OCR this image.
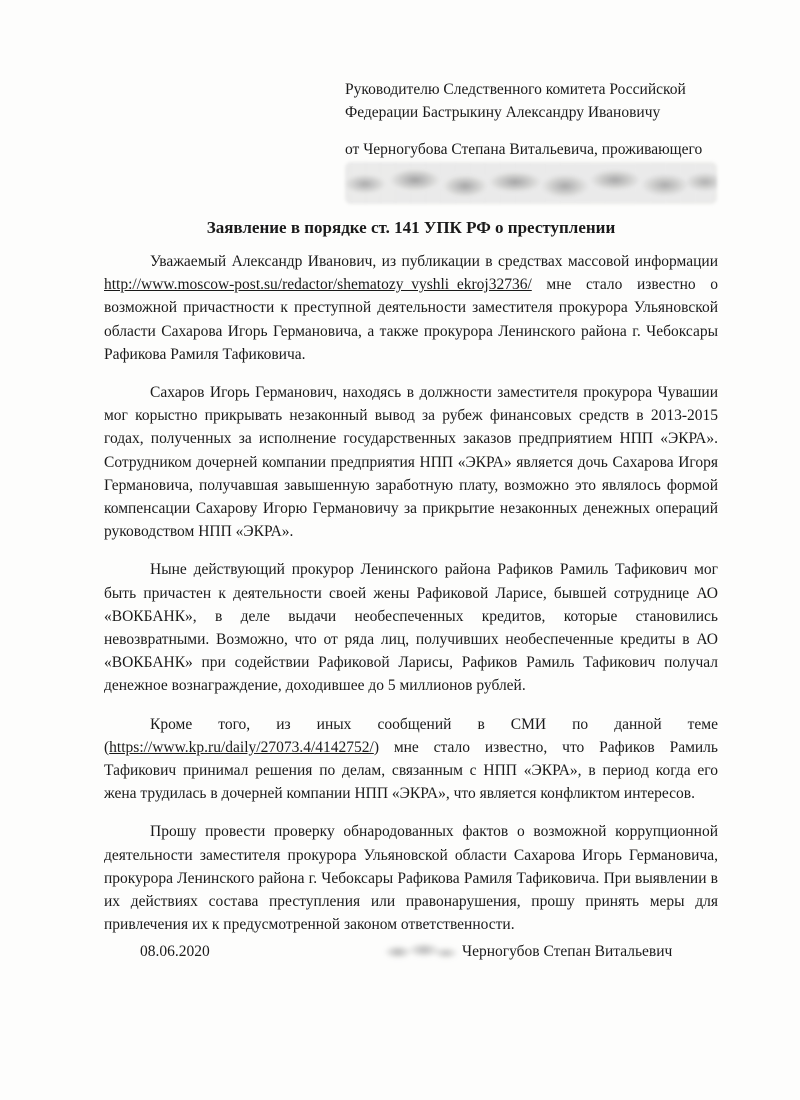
Руководителю Следственного комитета Российской
Федерации Бастрыкину Александру Ивановичу
от Черногубова Степана Витальевича, проживающего
Заявление в порядке ст. 141 УПК РФ о преступлении

Уважаемый Александр Иванович, из публикации в средствах массовой информации http://www.moscow-post.su/redactor/shematozy_vyshli_ekroj32736/ мне стало известно о возможной причастности к преступной деятельности заместителя прокурора Ульяновской области Сахарова Игорь Германовича, а также прокурора Ленинского района г. Чебоксары Рафикова Рамиля Тафиковича.

Сахаров Игорь Германович, находясь в должности заместителя прокурора Чувашии мог корыстно прикрывать незаконный вывод за рубеж финансовых средств в 2013-2015 годах, полученных за исполнение государственных заказов предприятием НПП «ЭКРА». Сотрудником дочерней компании предприятия НПП «ЭКРА» является дочь Сахарова Игоря Германовича, получавшая завышенную заработную плату, возможно это являлось формой компенсации Сахарову Игорю Германовичу за прикрытие незаконных денежных операций руководством НПП «ЭКРА».

Ныне действующий прокурор Ленинского района Рафиков Рамиль Тафикович мог быть причастен к деятельности своей жены Рафиковой Ларисе, бывшей сотруднице АО «ВОКБАНК», в деле выдачи необеспеченных кредитов, которые становились невозвратными. Возможно, что от ряда лиц, получивших необеспеченные кредиты в АО «ВОКБАНК» при содействии Рафиковой Ларисы, Рафиков Рамиль Тафикович получал денежное вознаграждение, доходившее до 5 миллионов рублей.

Кроме того, из иных сообщений в СМИ по данной теме (https://www.kp.ru/daily/27073.4/4142752/) мне стало известно, что Рафиков Рамиль Тафикович принимал решения по делам, связанным с НПП «ЭКРА», в период когда его жена трудилась в дочерней компании НПП «ЭКРА», что является конфликтом интересов.

Прошу провести проверку обнародованных фактов о возможной коррупционной деятельности заместителя прокурора Ульяновской области Сахарова Игорь Германовича, прокурора Ленинского района г. Чебоксары Рафикова Рамиля Тафиковича. При выявлении в их действиях состава преступления или правонарушения, прошу принять меры для привлечения их к предусмотренной законом ответственности.

08.06.2020	Черногубов Степан Витальевич
